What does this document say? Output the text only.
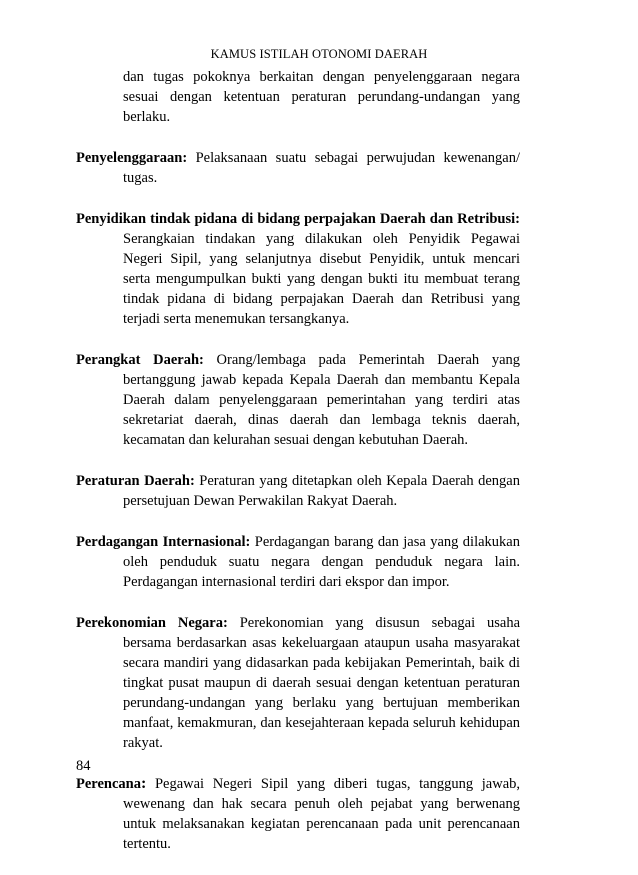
KAMUS ISTILAH OTONOMI DAERAH

dan tugas pokoknya berkaitan dengan penyelenggaraan negara sesuai dengan ketentuan peraturan perundang-undangan yang berlaku.

Penyelenggaraan: Pelaksanaan suatu sebagai perwujudan kewenangan/ tugas.

Penyidikan tindak pidana di bidang perpajakan Daerah dan Retribusi: Serangkaian tindakan yang dilakukan oleh Penyidik Pegawai Negeri Sipil, yang selanjutnya disebut Penyidik, untuk mencari serta mengumpulkan bukti yang dengan bukti itu membuat terang tindak pidana di bidang perpajakan Daerah dan Retribusi yang terjadi serta menemukan tersangkanya.

Perangkat Daerah: Orang/lembaga pada Pemerintah Daerah yang bertanggung jawab kepada Kepala Daerah dan membantu Kepala Daerah dalam penyelenggaraan pemerintahan yang terdiri atas sekretariat daerah, dinas daerah dan lembaga teknis daerah, kecamatan dan kelurahan sesuai dengan kebutuhan Daerah.

Peraturan Daerah: Peraturan yang ditetapkan oleh Kepala Daerah dengan persetujuan Dewan Perwakilan Rakyat Daerah.

Perdagangan Internasional: Perdagangan barang dan jasa yang dilakukan oleh penduduk suatu negara dengan penduduk negara lain. Perdagangan internasional terdiri dari ekspor dan impor.

Perekonomian Negara: Perekonomian yang disusun sebagai usaha bersama berdasarkan asas kekeluargaan ataupun usaha masyarakat secara mandiri yang didasarkan pada kebijakan Pemerintah, baik di tingkat pusat maupun di daerah sesuai dengan ketentuan peraturan perundang-undangan yang berlaku yang bertujuan memberikan manfaat, kemakmuran, dan kesejahteraan kepada seluruh kehidupan rakyat.

Perencana: Pegawai Negeri Sipil yang diberi tugas, tanggung jawab, wewenang dan hak secara penuh oleh pejabat yang berwenang untuk melaksanakan kegiatan perencanaan pada unit perencanaan tertentu.

84
